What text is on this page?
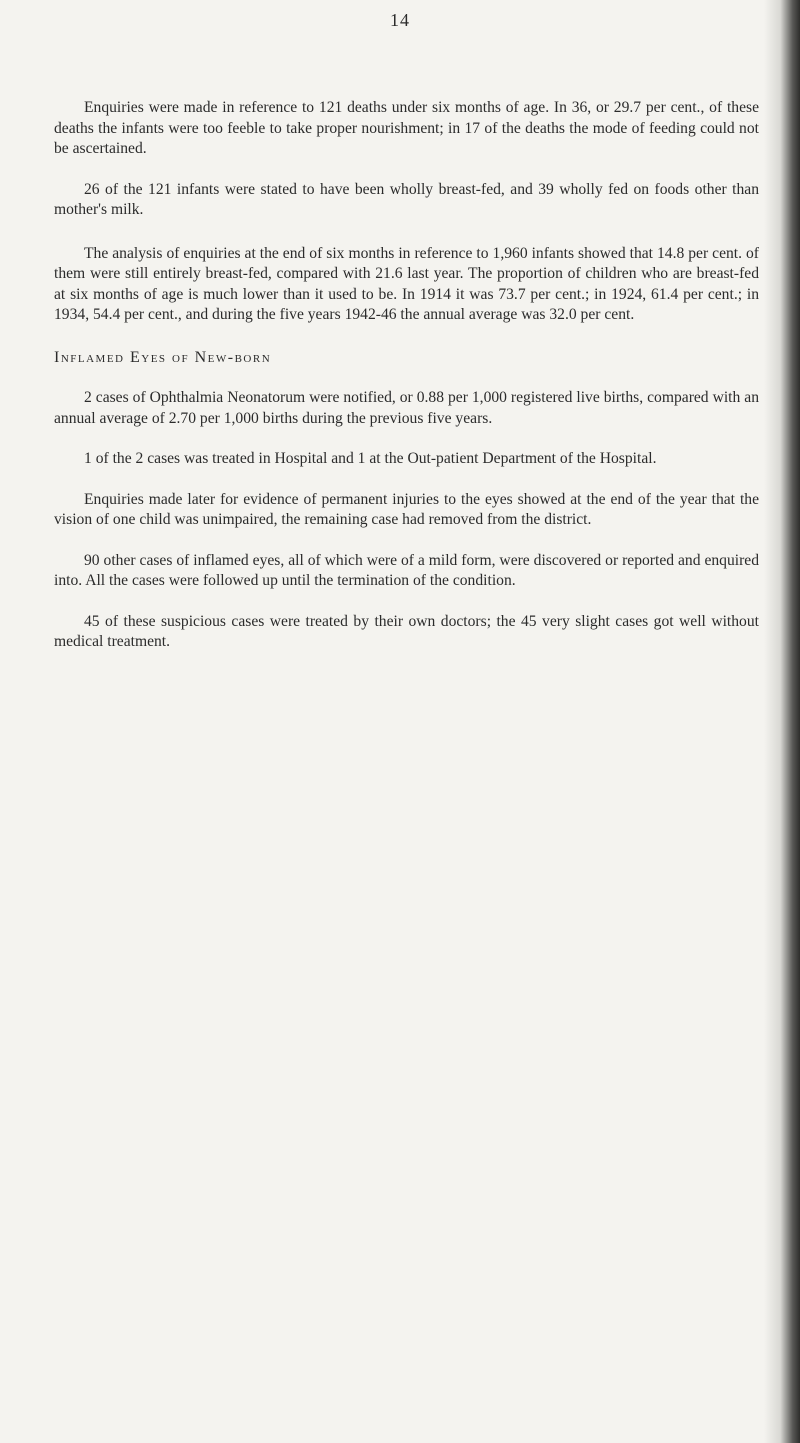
14

Enquiries were made in reference to 121 deaths under six months of age. In 36, or 29.7 per cent., of these deaths the infants were too feeble to take proper nourishment; in 17 of the deaths the mode of feeding could not be ascertained.

26 of the 121 infants were stated to have been wholly breast-fed, and 39 wholly fed on foods other than mother's milk.

The analysis of enquiries at the end of six months in reference to 1,960 infants showed that 14.8 per cent. of them were still entirely breast-fed, compared with 21.6 last year. The proportion of children who are breast-fed at six months of age is much lower than it used to be. In 1914 it was 73.7 per cent.; in 1924, 61.4 per cent.; in 1934, 54.4 per cent., and during the five years 1942-46 the annual average was 32.0 per cent.

Inflamed Eyes of New-born

2 cases of Ophthalmia Neonatorum were notified, or 0.88 per 1,000 registered live births, compared with an annual average of 2.70 per 1,000 births during the previous five years.

1 of the 2 cases was treated in Hospital and 1 at the Out-patient Department of the Hospital.

Enquiries made later for evidence of permanent injuries to the eyes showed at the end of the year that the vision of one child was unimpaired, the remaining case had removed from the district.

90 other cases of inflamed eyes, all of which were of a mild form, were discovered or reported and enquired into. All the cases were followed up until the termination of the condition.

45 of these suspicious cases were treated by their own doctors; the 45 very slight cases got well without medical treatment.
